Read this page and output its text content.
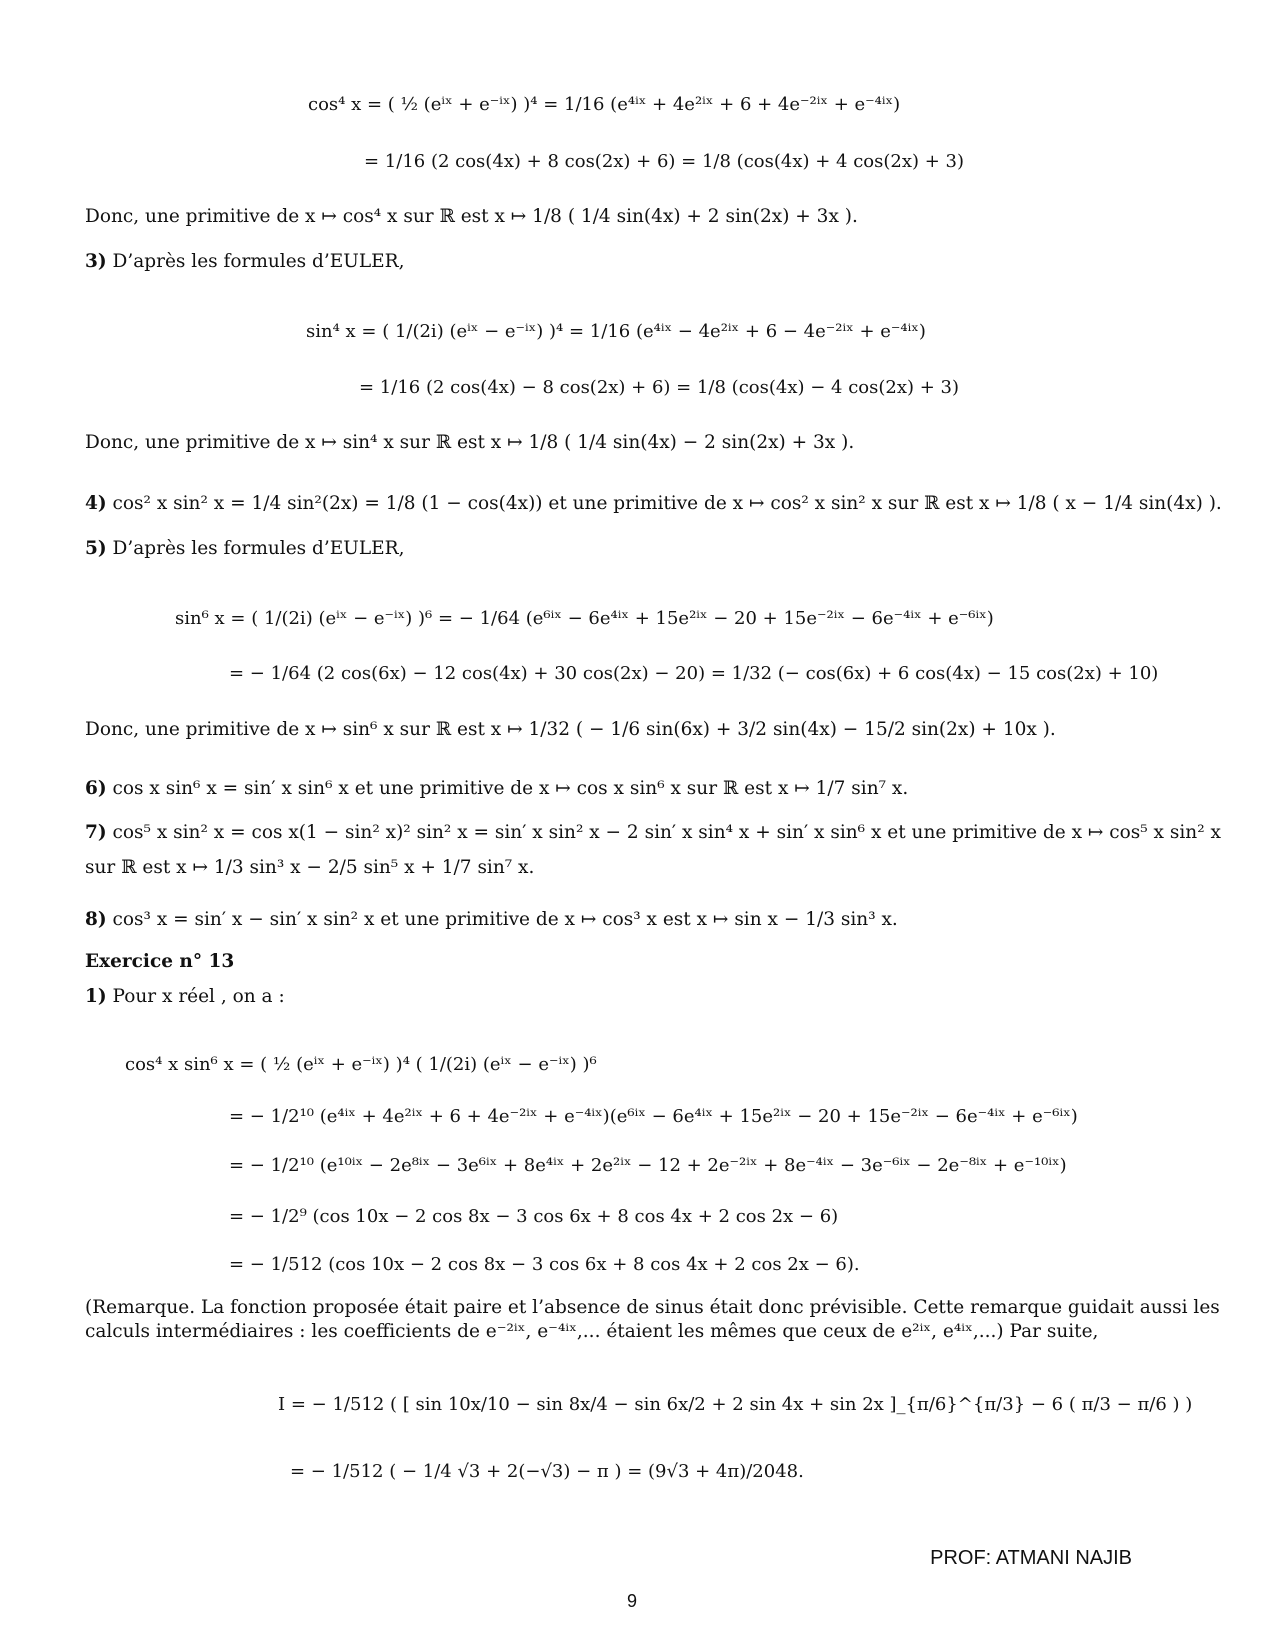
cos⁴ x = ( ½ (eⁱˣ + e⁻ⁱˣ) )⁴ = 1/16 (e⁴ⁱˣ + 4e²ⁱˣ + 6 + 4e⁻²ⁱˣ + e⁻⁴ⁱˣ)
= 1/16 (2 cos(4x) + 8 cos(2x) + 6) = 1/8 (cos(4x) + 4 cos(2x) + 3)
Donc, une primitive de x ↦ cos⁴ x sur ℝ est x ↦ 1/8 ( 1/4 sin(4x) + 2 sin(2x) + 3x ).
3) D’après les formules d’EULER,
sin⁴ x = ( 1/(2i) (eⁱˣ − e⁻ⁱˣ) )⁴ = 1/16 (e⁴ⁱˣ − 4e²ⁱˣ + 6 − 4e⁻²ⁱˣ + e⁻⁴ⁱˣ)
= 1/16 (2 cos(4x) − 8 cos(2x) + 6) = 1/8 (cos(4x) − 4 cos(2x) + 3)
Donc, une primitive de x ↦ sin⁴ x sur ℝ est x ↦ 1/8 ( 1/4 sin(4x) − 2 sin(2x) + 3x ).
4) cos² x sin² x = 1/4 sin²(2x) = 1/8 (1 − cos(4x)) et une primitive de x ↦ cos² x sin² x sur ℝ est x ↦ 1/8 ( x − 1/4 sin(4x) ).
5) D’après les formules d’EULER,
sin⁶ x = ( 1/(2i) (eⁱˣ − e⁻ⁱˣ) )⁶ = − 1/64 (e⁶ⁱˣ − 6e⁴ⁱˣ + 15e²ⁱˣ − 20 + 15e⁻²ⁱˣ − 6e⁻⁴ⁱˣ + e⁻⁶ⁱˣ)
= − 1/64 (2 cos(6x) − 12 cos(4x) + 30 cos(2x) − 20) = 1/32 (− cos(6x) + 6 cos(4x) − 15 cos(2x) + 10)
Donc, une primitive de x ↦ sin⁶ x sur ℝ est x ↦ 1/32 ( − 1/6 sin(6x) + 3/2 sin(4x) − 15/2 sin(2x) + 10x ).
6) cos x sin⁶ x = sin′ x sin⁶ x et une primitive de x ↦ cos x sin⁶ x sur ℝ est x ↦ 1/7 sin⁷ x.
7) cos⁵ x sin² x = cos x(1 − sin² x)² sin² x = sin′ x sin² x − 2 sin′ x sin⁴ x + sin′ x sin⁶ x et une primitive de x ↦ cos⁵ x sin² x
sur ℝ est x ↦ 1/3 sin³ x − 2/5 sin⁵ x + 1/7 sin⁷ x.
8) cos³ x = sin′ x − sin′ x sin² x et une primitive de x ↦ cos³ x est x ↦ sin x − 1/3 sin³ x.
Exercice n° 13
1) Pour x réel , on a :
cos⁴ x sin⁶ x = ( ½ (eⁱˣ + e⁻ⁱˣ) )⁴ ( 1/(2i) (eⁱˣ − e⁻ⁱˣ) )⁶
= − 1/2¹⁰ (e⁴ⁱˣ + 4e²ⁱˣ + 6 + 4e⁻²ⁱˣ + e⁻⁴ⁱˣ)(e⁶ⁱˣ − 6e⁴ⁱˣ + 15e²ⁱˣ − 20 + 15e⁻²ⁱˣ − 6e⁻⁴ⁱˣ + e⁻⁶ⁱˣ)
= − 1/2¹⁰ (e¹⁰ⁱˣ − 2e⁸ⁱˣ − 3e⁶ⁱˣ + 8e⁴ⁱˣ + 2e²ⁱˣ − 12 + 2e⁻²ⁱˣ + 8e⁻⁴ⁱˣ − 3e⁻⁶ⁱˣ − 2e⁻⁸ⁱˣ + e⁻¹⁰ⁱˣ)
= − 1/2⁹ (cos 10x − 2 cos 8x − 3 cos 6x + 8 cos 4x + 2 cos 2x − 6)
= − 1/512 (cos 10x − 2 cos 8x − 3 cos 6x + 8 cos 4x + 2 cos 2x − 6).
(Remarque. La fonction proposée était paire et l’absence de sinus était donc prévisible. Cette remarque guidait aussi les
calculs intermédiaires : les coefficients de e⁻²ⁱˣ, e⁻⁴ⁱˣ,... étaient les mêmes que ceux de e²ⁱˣ, e⁴ⁱˣ,...) Par suite,
I = − 1/512 ( [ sin 10x/10 − sin 8x/4 − sin 6x/2 + 2 sin 4x + sin 2x ]_{π/6}^{π/3} − 6 ( π/3 − π/6 ) )
= − 1/512 ( − 1/4 √3 + 2(−√3) − π ) = (9√3 + 4π)/2048.
PROF: ATMANI NAJIB
9
